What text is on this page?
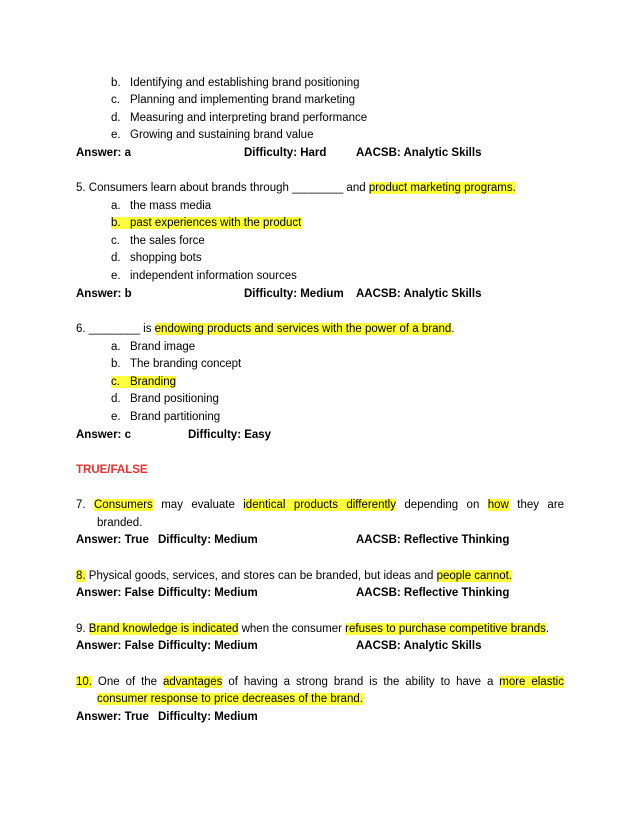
b. Identifying and establishing brand positioning
c. Planning and implementing brand marketing
d. Measuring and interpreting brand performance
e. Growing and sustaining brand value
Answer: a	Difficulty: Hard	AACSB: Analytic Skills
5. Consumers learn about brands through ________ and product marketing programs.
a. the mass media
b. past experiences with the product
c. the sales force
d. shopping bots
e. independent information sources
Answer: b	Difficulty: Medium AACSB: Analytic Skills
6. ________ is endowing products and services with the power of a brand.
a. Brand image
b. The branding concept
c. Branding
d. Brand positioning
e. Brand partitioning
Answer: c	Difficulty: Easy
TRUE/FALSE
7. Consumers may evaluate identical products differently depending on how they are
branded.
Answer: True Difficulty: Medium	AACSB: Reflective Thinking
8. Physical goods, services, and stores can be branded, but ideas and people cannot.
Answer: False Difficulty: Medium	AACSB: Reflective Thinking
9. Brand knowledge is indicated when the consumer refuses to purchase competitive brands.
Answer: False Difficulty: Medium	AACSB: Analytic Skills
10. One of the advantages of having a strong brand is the ability to have a more elastic
consumer response to price decreases of the brand.
Answer: True Difficulty: Medium
